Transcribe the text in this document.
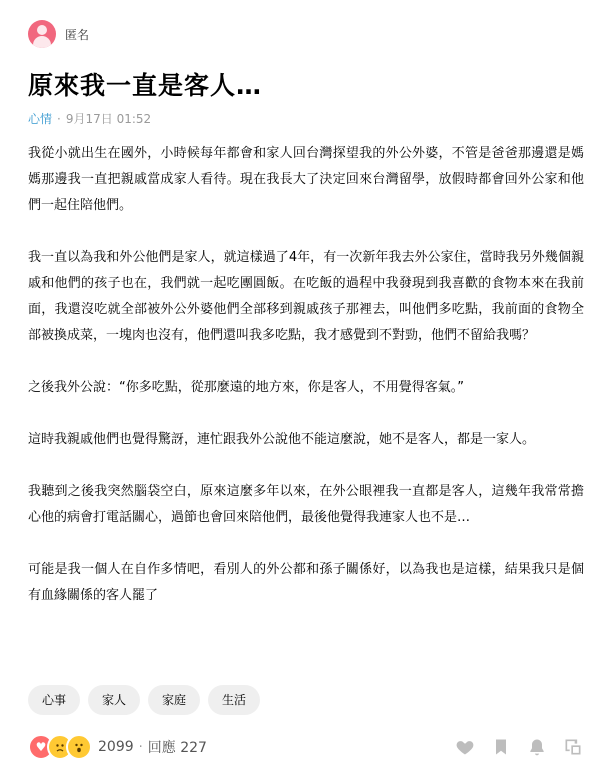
匿名
原來我一直是客人…
心情 · 9月17日 01:52

我從小就出生在國外，小時候每年都會和家人回台灣探望我的外公外婆，不管是爸爸那邊還是媽媽那邊我一直把親戚當成家人看待。現在我長大了決定回來台灣留學，放假時都會回外公家和他們一起住陪他們。

我一直以為我和外公他們是家人，就這樣過了4年，有一次新年我去外公家住，當時我另外幾個親戚和他們的孩子也在，我們就一起吃團圓飯。在吃飯的過程中我發現到我喜歡的食物本來在我前面，我還沒吃就全部被外公外婆他們全部移到親戚孩子那裡去，叫他們多吃點，我前面的食物全部被換成菜，一塊肉也沒有，他們還叫我多吃點，我才感覺到不對勁，他們不留給我嗎？

之後我外公說：“你多吃點，從那麼遠的地方來，你是客人，不用覺得客氣。”

這時我親戚他們也覺得驚訝，連忙跟我外公說他不能這麼說，她不是客人，都是一家人。

我聽到之後我突然腦袋空白，原來這麼多年以來，在外公眼裡我一直都是客人，這幾年我常常擔心他的病會打電話關心，過節也會回來陪他們，最後他覺得我連家人也不是…

可能是我一個人在自作多情吧，看別人的外公都和孫子關係好，以為我也是這樣，結果我只是個有血緣關係的客人罷了

心事	家人	家庭	生活
♥	2099 · 回應 227
